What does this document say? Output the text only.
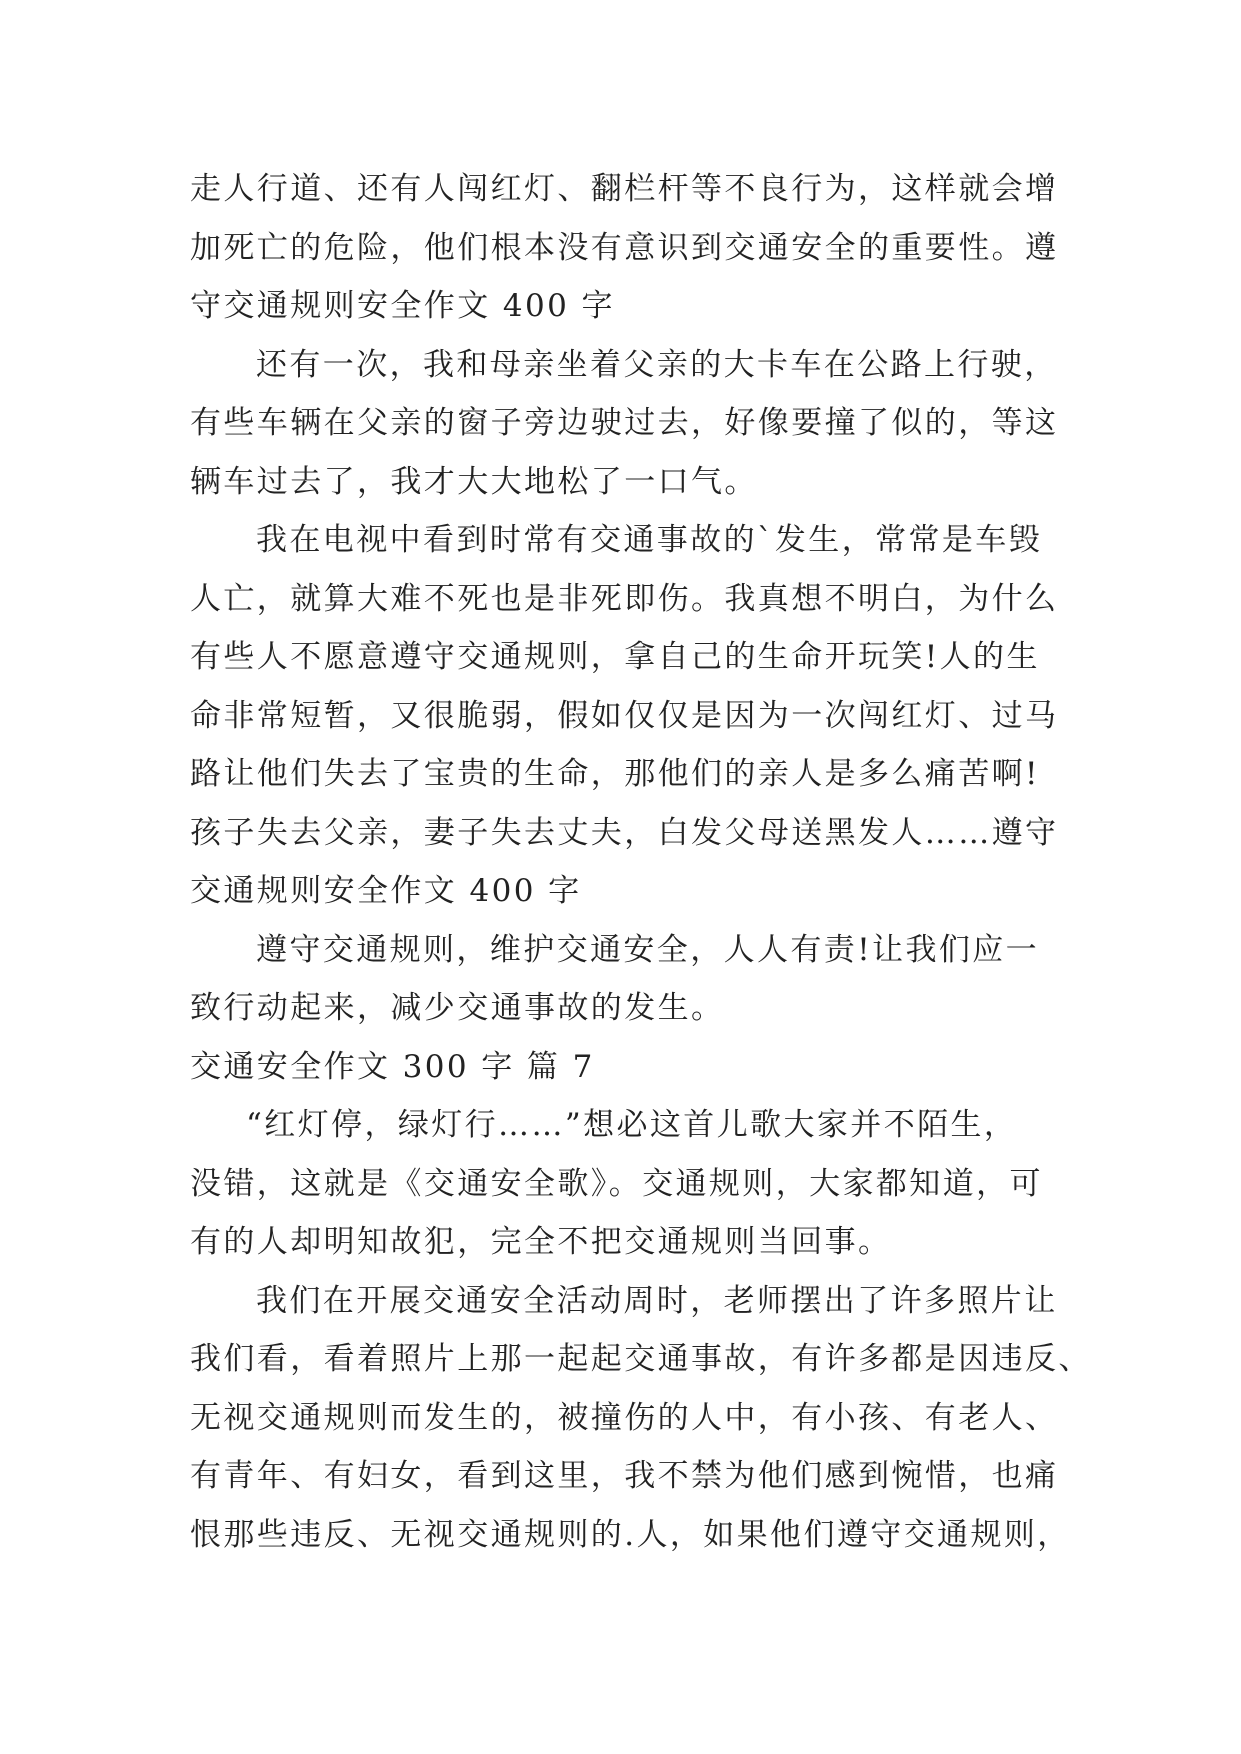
走人行道、还有人闯红灯、翻栏杆等不良行为，这样就会增
加死亡的危险，他们根本没有意识到交通安全的重要性。遵
守交通规则安全作文 400 字
还有一次，我和母亲坐着父亲的大卡车在公路上行驶，
有些车辆在父亲的窗子旁边驶过去，好像要撞了似的，等这
辆车过去了，我才大大地松了一口气。
我在电视中看到时常有交通事故的`发生，常常是车毁
人亡，就算大难不死也是非死即伤。我真想不明白，为什么
有些人不愿意遵守交通规则，拿自己的生命开玩笑!人的生
命非常短暂，又很脆弱，假如仅仅是因为一次闯红灯、过马
路让他们失去了宝贵的生命，那他们的亲人是多么痛苦啊!
孩子失去父亲，妻子失去丈夫，白发父母送黑发人……遵守
交通规则安全作文 400 字
遵守交通规则，维护交通安全，人人有责!让我们应一
致行动起来，减少交通事故的发生。
交通安全作文 300 字 篇 7
“红灯停，绿灯行……”想必这首儿歌大家并不陌生，
没错，这就是《交通安全歌》。交通规则，大家都知道，可
有的人却明知故犯，完全不把交通规则当回事。
我们在开展交通安全活动周时，老师摆出了许多照片让
我们看，看着照片上那一起起交通事故，有许多都是因违反、
无视交通规则而发生的，被撞伤的人中，有小孩、有老人、
有青年、有妇女，看到这里，我不禁为他们感到惋惜，也痛
恨那些违反、无视交通规则的.人，如果他们遵守交通规则，
